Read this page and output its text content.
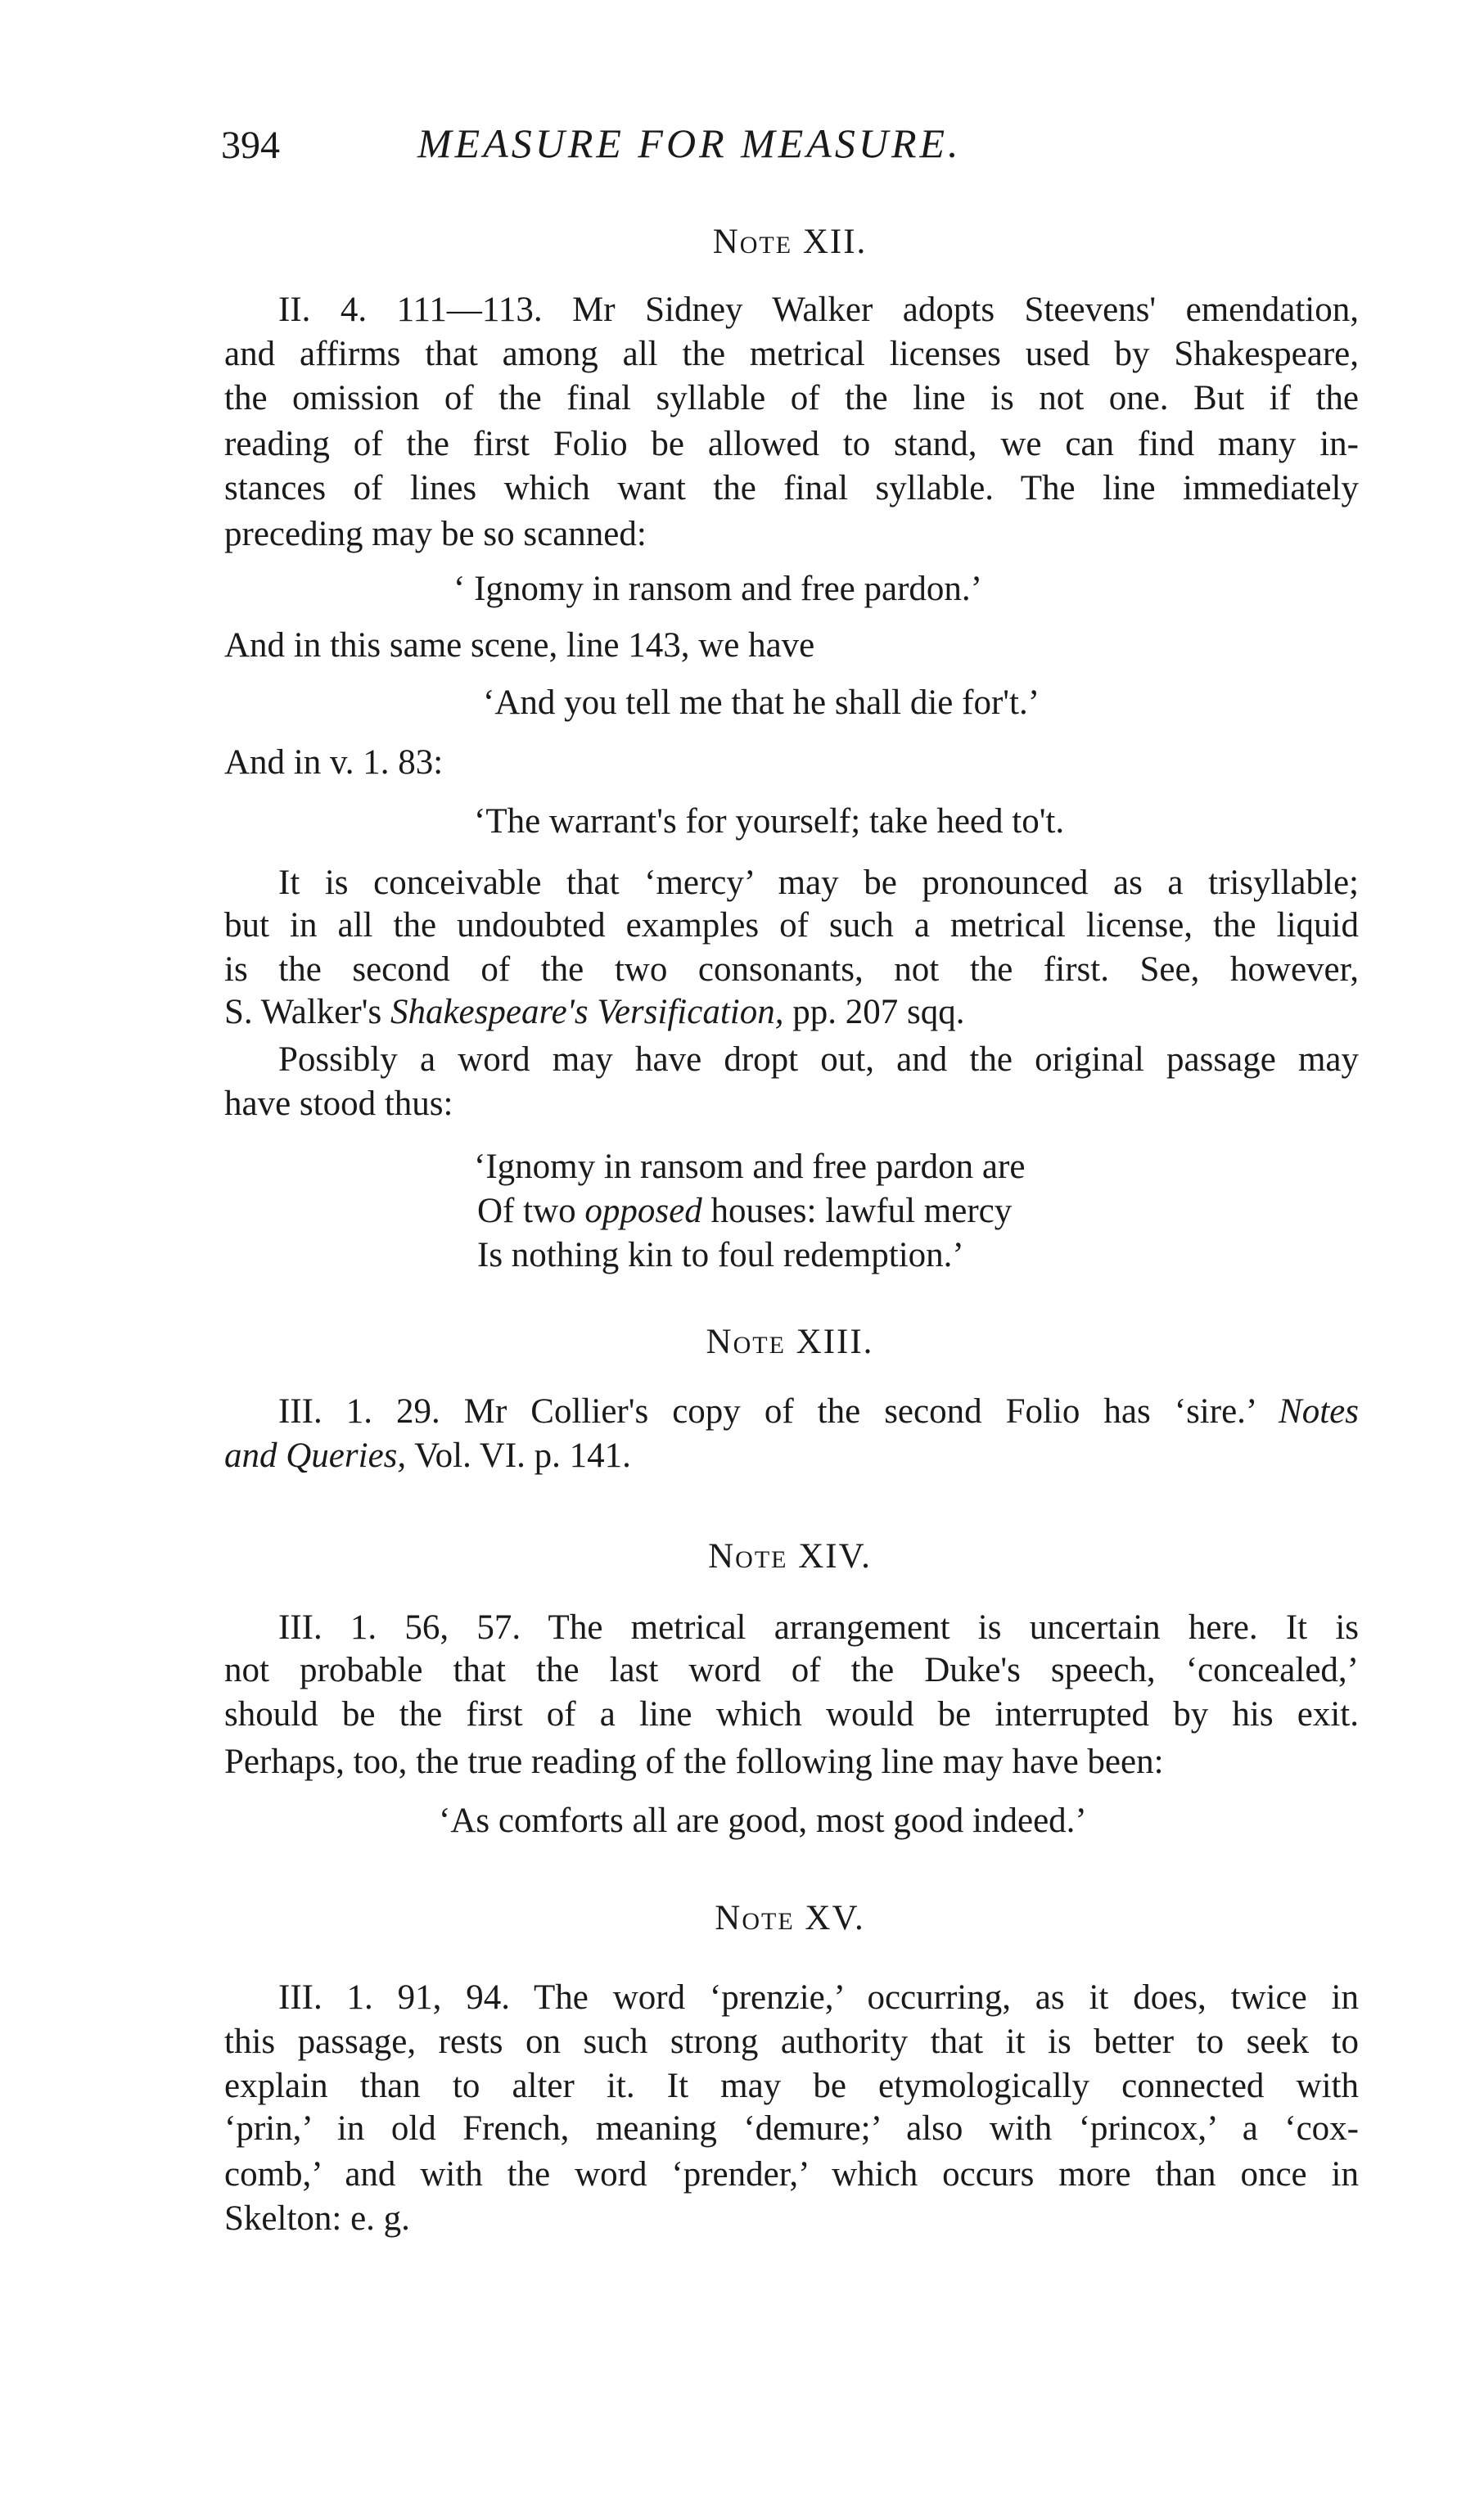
394	MEASURE FOR MEASURE.
Note XII.
II. 4. 111—113. Mr Sidney Walker adopts Steevens' emendation,
and affirms that among all the metrical licenses used by Shakespeare,
the omission of the final syllable of the line is not one. But if the
reading of the first Folio be allowed to stand, we can find many in-
stances of lines which want the final syllable. The line immediately
preceding may be so scanned:
‘ Ignomy in ransom and free pardon.’
And in this same scene, line 143, we have
‘And you tell me that he shall die for't.’
And in v. 1. 83:
‘The warrant's for yourself; take heed to't.
It is conceivable that ‘mercy’ may be pronounced as a trisyllable;
but in all the undoubted examples of such a metrical license, the liquid
is the second of the two consonants, not the first. See, however,
S. Walker's Shakespeare's Versification, pp. 207 sqq.
Possibly a word may have dropt out, and the original passage may
have stood thus:
‘Ignomy in ransom and free pardon are
Of two opposed houses: lawful mercy
Is nothing kin to foul redemption.’
Note XIII.
III. 1. 29. Mr Collier's copy of the second Folio has ‘sire.’ Notes
and Queries, Vol. VI. p. 141.
Note XIV.
III. 1. 56, 57. The metrical arrangement is uncertain here. It is
not probable that the last word of the Duke's speech, ‘concealed,’
should be the first of a line which would be interrupted by his exit.
Perhaps, too, the true reading of the following line may have been:
‘As comforts all are good, most good indeed.’
Note XV.
III. 1. 91, 94. The word ‘prenzie,’ occurring, as it does, twice in
this passage, rests on such strong authority that it is better to seek to
explain than to alter it. It may be etymologically connected with
‘prin,’ in old French, meaning ‘demure;’ also with ‘princox,’ a ‘cox-
comb,’ and with the word ‘prender,’ which occurs more than once in
Skelton: e. g.
